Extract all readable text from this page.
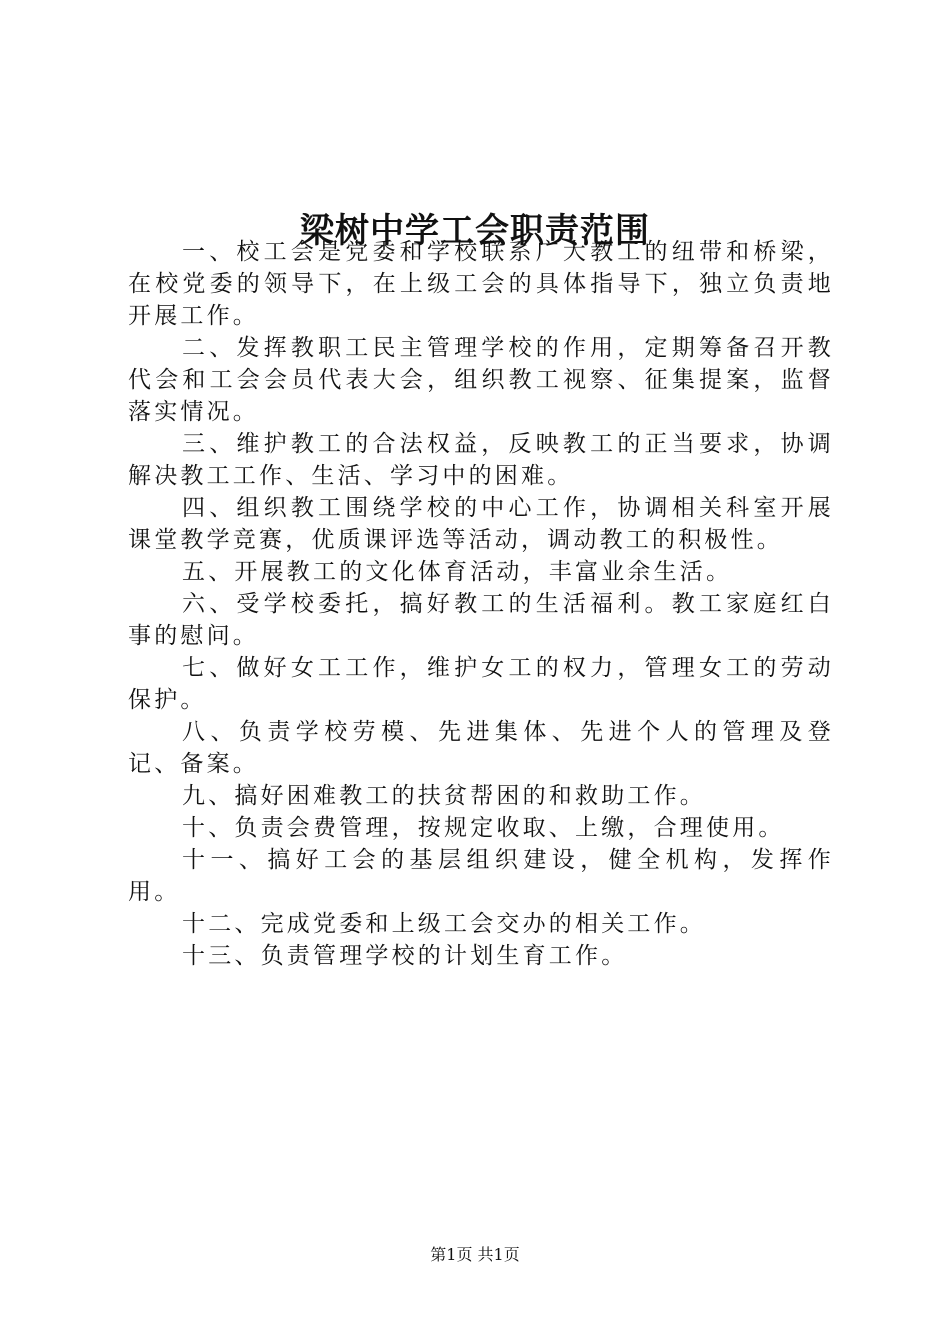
梁树中学工会职责范围

一、校工会是党委和学校联系广大教工的纽带和桥梁，在校党委的领导下，在上级工会的具体指导下，独立负责地开展工作。

二、发挥教职工民主管理学校的作用，定期筹备召开教代会和工会会员代表大会，组织教工视察、征集提案，监督落实情况。

三、维护教工的合法权益，反映教工的正当要求，协调解决教工工作、生活、学习中的困难。

四、组织教工围绕学校的中心工作，协调相关科室开展课堂教学竞赛，优质课评选等活动，调动教工的积极性。

五、开展教工的文化体育活动，丰富业余生活。

六、受学校委托，搞好教工的生活福利。教工家庭红白事的慰问。

七、做好女工工作，维护女工的权力，管理女工的劳动保护。

八、负责学校劳模、先进集体、先进个人的管理及登记、备案。

九、搞好困难教工的扶贫帮困的和救助工作。

十、负责会费管理，按规定收取、上缴，合理使用。

十一、搞好工会的基层组织建设，健全机构，发挥作用。

十二、完成党委和上级工会交办的相关工作。

十三、负责管理学校的计划生育工作。

第1页 共1页
